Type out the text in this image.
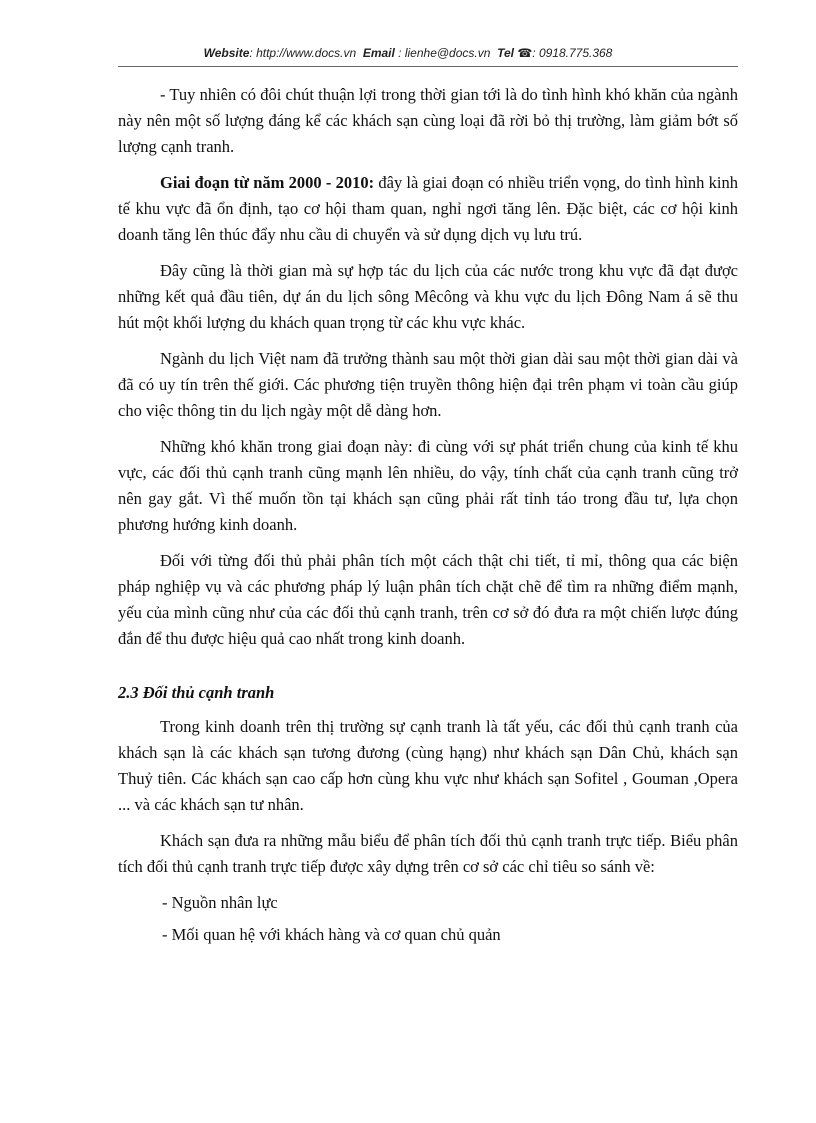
Website: http://www.docs.vn Email : lienhe@docs.vn Tel ☎: 0918.775.368

- Tuy nhiên có đôi chút thuận lợi trong thời gian tới là do tình hình khó khăn của ngành này nên một số lượng đáng kể các khách sạn cùng loại đã rời bỏ thị trường, làm giảm bớt số lượng cạnh tranh.

Giai đoạn từ năm 2000 - 2010: đây là giai đoạn có nhiều triển vọng, do tình hình kinh tế khu vực đã ổn định, tạo cơ hội tham quan, nghỉ ngơi tăng lên. Đặc biệt, các cơ hội kinh doanh tăng lên thúc đẩy nhu cầu di chuyển và sử dụng dịch vụ lưu trú.

Đây cũng là thời gian mà sự hợp tác du lịch của các nước trong khu vực đã đạt được những kết quả đầu tiên, dự án du lịch sông Mêcông và khu vực du lịch Đông Nam á sẽ thu hút một khối lượng du khách quan trọng từ các khu vực khác.

Ngành du lịch Việt nam đã trưởng thành sau một thời gian dài sau một thời gian dài và đã có uy tín trên thế giới. Các phương tiện truyền thông hiện đại trên phạm vi toàn cầu giúp cho việc thông tin du lịch ngày một dễ dàng hơn.

Những khó khăn trong giai đoạn này: đi cùng với sự phát triển chung của kinh tế khu vực, các đối thủ cạnh tranh cũng mạnh lên nhiều, do vậy, tính chất của cạnh tranh cũng trở nên gay gắt. Vì thế muốn tồn tại khách sạn cũng phải rất tỉnh táo trong đầu tư, lựa chọn phương hướng kinh doanh.

Đối với từng đối thủ phải phân tích một cách thật chi tiết, tỉ mỉ, thông qua các biện pháp nghiệp vụ và các phương pháp lý luận phân tích chặt chẽ để tìm ra những điểm mạnh, yếu của mình cũng như của các đối thủ cạnh tranh, trên cơ sở đó đưa ra một chiến lược đúng đắn để thu được hiệu quả cao nhất trong kinh doanh.

2.3 Đối thủ cạnh tranh

Trong kinh doanh trên thị trường sự cạnh tranh là tất yếu, các đối thủ cạnh tranh của khách sạn là các khách sạn tương đương (cùng hạng) như khách sạn Dân Chủ, khách sạn Thuỷ tiên. Các khách sạn cao cấp hơn cùng khu vực như khách sạn Sofitel , Gouman ,Opera ... và các khách sạn tư nhân.

Khách sạn đưa ra những mẫu biểu để phân tích đối thủ cạnh tranh trực tiếp. Biểu phân tích đối thủ cạnh tranh trực tiếp được xây dựng trên cơ sở các chỉ tiêu so sánh về:

- Nguồn nhân lực

- Mối quan hệ với khách hàng và cơ quan chủ quản
